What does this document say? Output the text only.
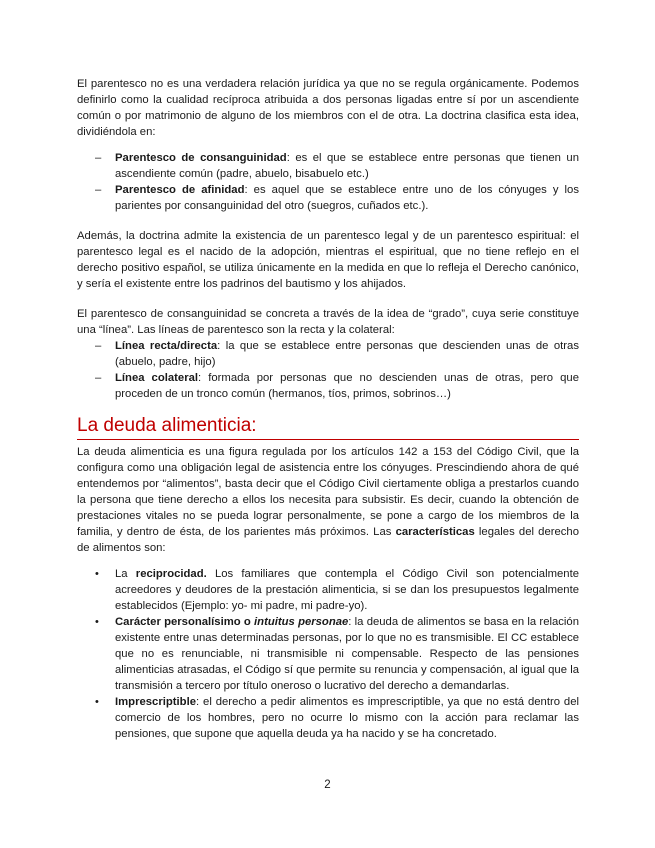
El parentesco no es una verdadera relación jurídica ya que no se regula orgánicamente. Podemos definirlo como la cualidad recíproca atribuida a dos personas ligadas entre sí por un ascendiente común o por matrimonio de alguno de los miembros con el de otra. La doctrina clasifica esta idea, dividiéndola en:

– Parentesco de consanguinidad: es el que se establece entre personas que tienen un ascendiente común (padre, abuelo, bisabuelo etc.)
– Parentesco de afinidad: es aquel que se establece entre uno de los cónyuges y los parientes por consanguinidad del otro (suegros, cuñados etc.).

Además, la doctrina admite la existencia de un parentesco legal y de un parentesco espiritual: el parentesco legal es el nacido de la adopción, mientras el espiritual, que no tiene reflejo en el derecho positivo español, se utiliza únicamente en la medida en que lo refleja el Derecho canónico, y sería el existente entre los padrinos del bautismo y los ahijados.

El parentesco de consanguinidad se concreta a través de la idea de “grado”, cuya serie constituye una “línea”. Las líneas de parentesco son la recta y la colateral:

– Línea recta/directa: la que se establece entre personas que descienden unas de otras (abuelo, padre, hijo)
– Línea colateral: formada por personas que no descienden unas de otras, pero que proceden de un tronco común (hermanos, tíos, primos, sobrinos…)
La deuda alimenticia:

La deuda alimenticia es una figura regulada por los artículos 142 a 153 del Código Civil, que la configura como una obligación legal de asistencia entre los cónyuges. Prescindiendo ahora de qué entendemos por “alimentos”, basta decir que el Código Civil ciertamente obliga a prestarlos cuando la persona que tiene derecho a ellos los necesita para subsistir. Es decir, cuando la obtención de prestaciones vitales no se pueda lograr personalmente, se pone a cargo de los miembros de la familia, y dentro de ésta, de los parientes más próximos. Las características legales del derecho de alimentos son:

• La reciprocidad. Los familiares que contempla el Código Civil son potencialmente acreedores y deudores de la prestación alimenticia, si se dan los presupuestos legalmente establecidos (Ejemplo: yo- mi padre, mi padre-yo).
• Carácter personalísimo o intuitus personae: la deuda de alimentos se basa en la relación existente entre unas determinadas personas, por lo que no es transmisible. El CC establece que no es renunciable, ni transmisible ni compensable. Respecto de las pensiones alimenticias atrasadas, el Código sí que permite su renuncia y compensación, al igual que la transmisión a tercero por título oneroso o lucrativo del derecho a demandarlas.
• Imprescriptible: el derecho a pedir alimentos es imprescriptible, ya que no está dentro del comercio de los hombres, pero no ocurre lo mismo con la acción para reclamar las pensiones, que supone que aquella deuda ya ha nacido y se ha concretado.
2
